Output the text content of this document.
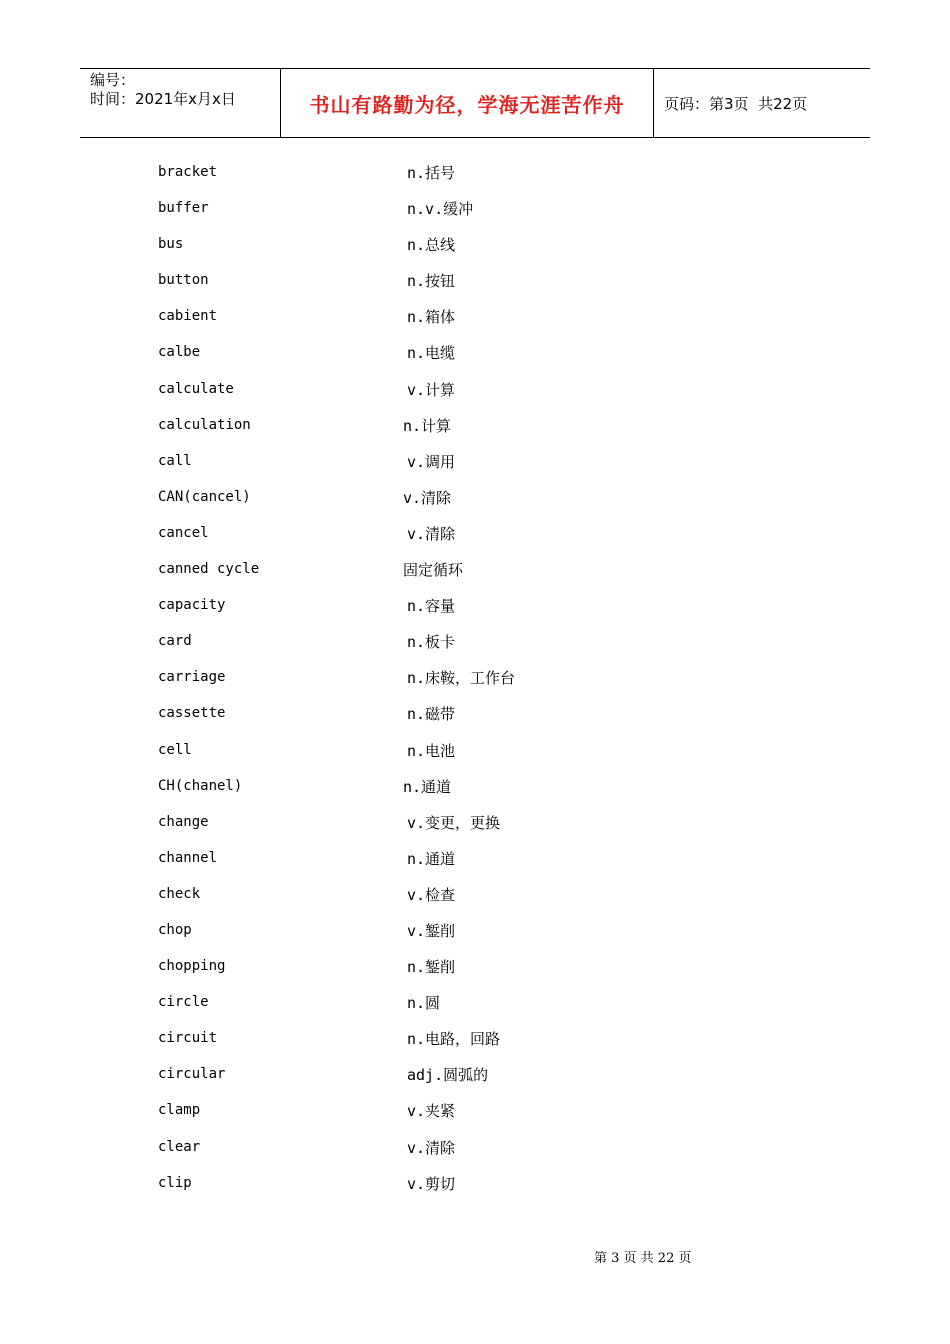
编号：
时间：2021年x月x日	书山有路勤为径，学海无涯苦作舟	页码：第3页  共22页
bracket	n.括号
buffer	n.v.缓冲
bus	n.总线
button	n.按钮
cabient	n.箱体
calbe	n.电缆
calculate	v.计算
calculation	n.计算
call	v.调用
CAN(cancel)	v.清除
cancel	v.清除
canned cycle	固定循环
capacity	n.容量
card	n.板卡
carriage	n.床鞍，工作台
cassette	n.磁带
cell	n.电池
CH(chanel)	n.通道
change	v.变更，更换
channel	n.通道
check	v.检查
chop	v.錾削
chopping	n.錾削
circle	n.圆
circuit	n.电路，回路
circular	adj.圆弧的
clamp	v.夹紧
clear	v.清除
clip	v.剪切
第 3 页 共 22 页
